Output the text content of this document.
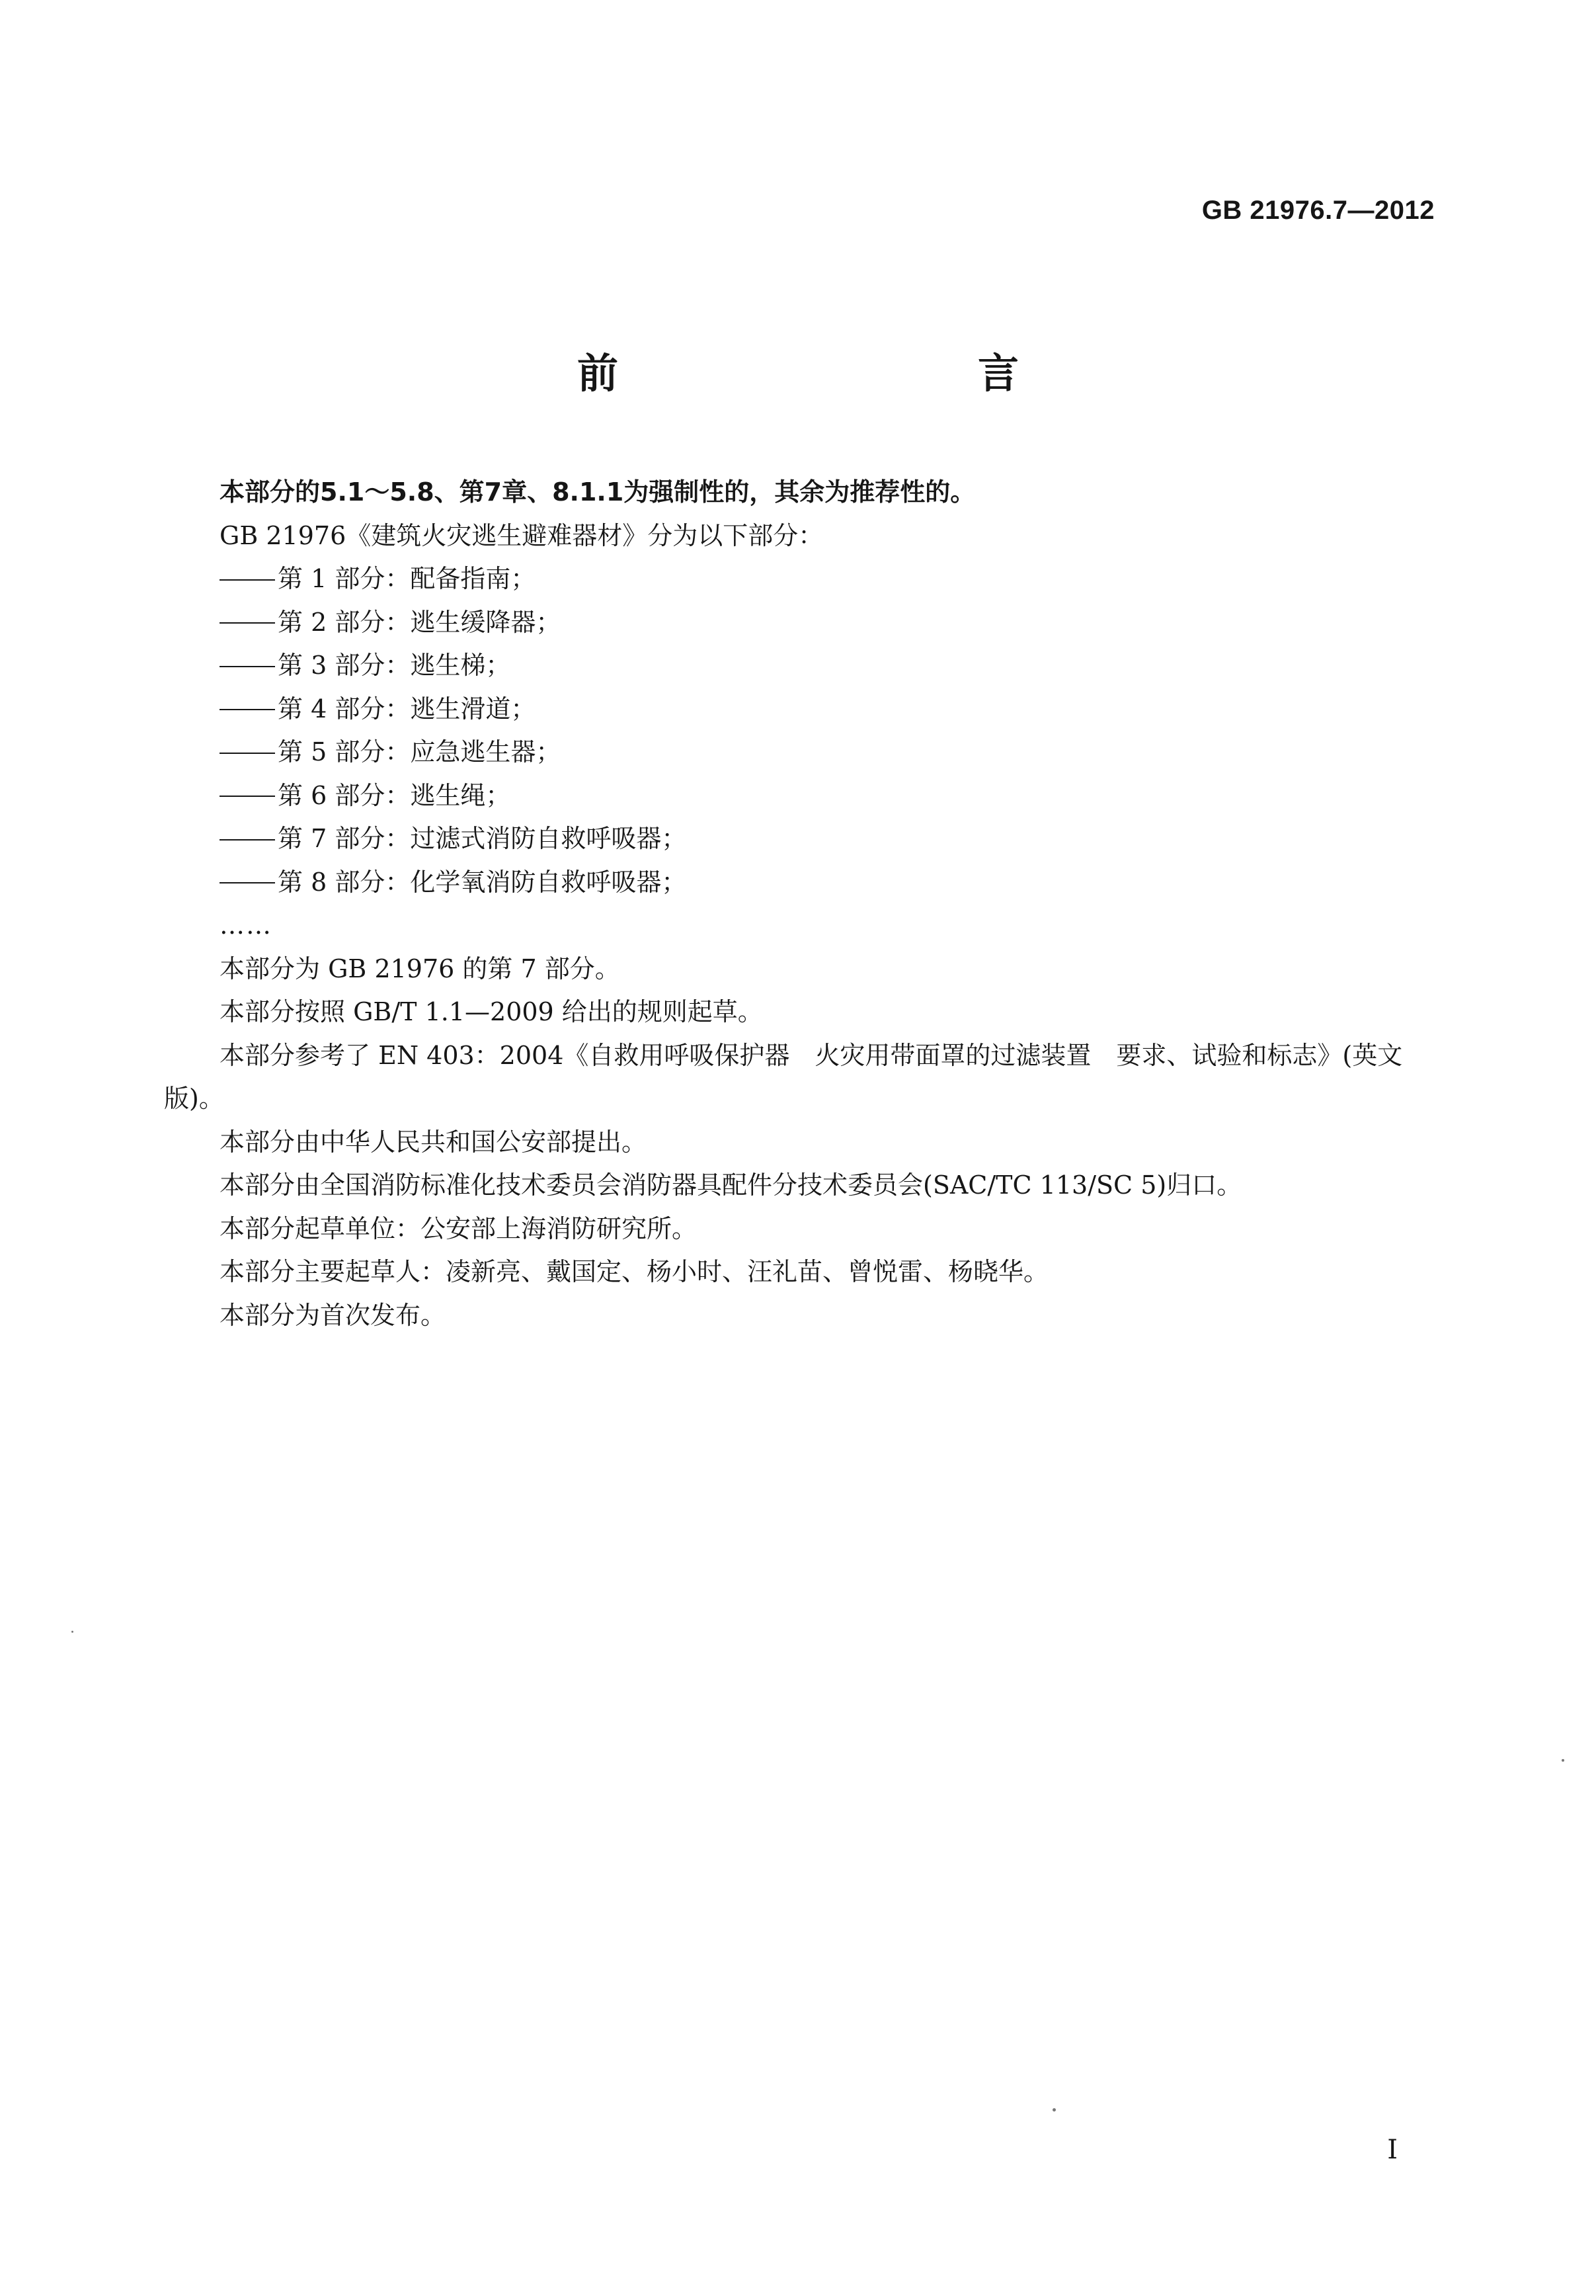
GB 21976.7—2012
前　　言

本部分的5.1～5.8、第7章、8.1.1为强制性的，其余为推荐性的。

GB 21976《建筑火灾逃生避难器材》分为以下部分：

第 1 部分：配备指南；

第 2 部分：逃生缓降器；

第 3 部分：逃生梯；

第 4 部分：逃生滑道；

第 5 部分：应急逃生器；

第 6 部分：逃生绳；

第 7 部分：过滤式消防自救呼吸器；

第 8 部分：化学氧消防自救呼吸器；

……

本部分为 GB 21976 的第 7 部分。

本部分按照 GB/T 1.1—2009 给出的规则起草。

本部分参考了 EN 403：2004《自救用呼吸保护器　火灾用带面罩的过滤装置　要求、试验和标志》(英文版)。

本部分由中华人民共和国公安部提出。

本部分由全国消防标准化技术委员会消防器具配件分技术委员会(SAC/TC 113/SC 5)归口。

本部分起草单位：公安部上海消防研究所。

本部分主要起草人：凌新亮、戴国定、杨小时、汪礼苗、曾悦雷、杨晓华。

本部分为首次发布。

I
